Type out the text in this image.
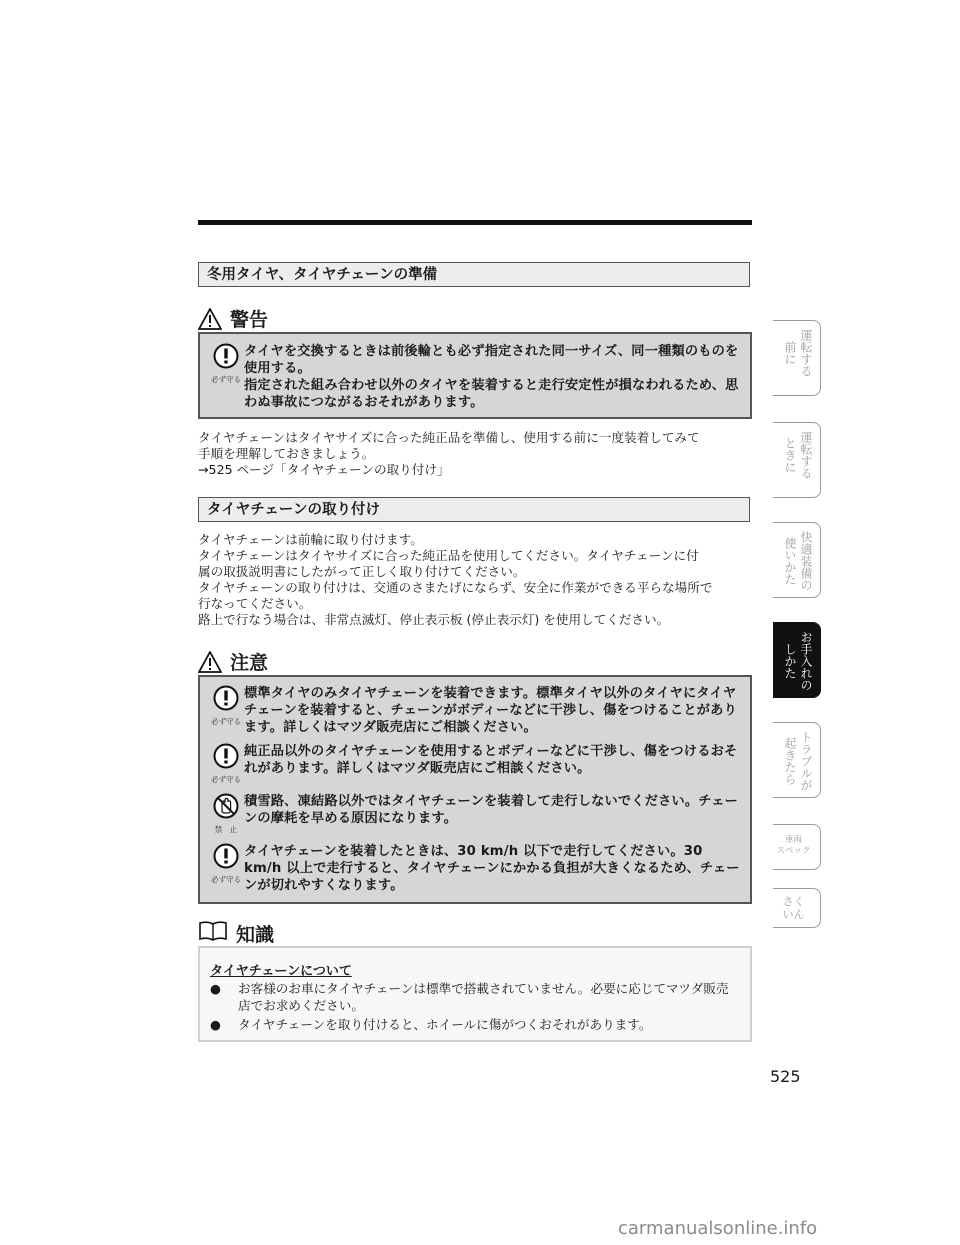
冬用タイヤ、タイヤチェーンの準備
警告
必ず守る
タイヤを交換するときは前後輪とも必ず指定された同一サイズ、同一種類のものを使用する。
指定された組み合わせ以外のタイヤを装着すると走行安定性が損なわれるため、思わぬ事故につながるおそれがあります。

タイヤチェーンはタイヤサイズに合った純正品を準備し、使用する前に一度装着してみて

手順を理解しておきましょう。

→525 ページ「タイヤチェーンの取り付け」

タイヤチェーンの取り付け

タイヤチェーンは前輪に取り付けます。

タイヤチェーンはタイヤサイズに合った純正品を使用してください。タイヤチェーンに付

属の取扱説明書にしたがって正しく取り付けてください。

タイヤチェーンの取り付けは、交通のさまたげにならず、安全に作業ができる平らな場所で

行なってください。

路上で行なう場合は、非常点滅灯、停止表示板 (停止表示灯) を使用してください。

注意
必ず守る
標準タイヤのみタイヤチェーンを装着できます。標準タイヤ以外のタイヤにタイヤチェーンを装着すると、チェーンがボディーなどに干渉し、傷をつけることがあります。詳しくはマツダ販売店にご相談ください。
必ず守る
純正品以外のタイヤチェーンを使用するとボディーなどに干渉し、傷をつけるおそれがあります。詳しくはマツダ販売店にご相談ください。
禁　止
積雪路、凍結路以外ではタイヤチェーンを装着して走行しないでください。チェーンの摩耗を早める原因になります。
必ず守る
タイヤチェーンを装着したときは、30 km/h 以下で走行してください。30 km/h 以上で走行すると、タイヤチェーンにかかる負担が大きくなるため、チェーンが切れやすくなります。
知識
タイヤチェーンについて
● お客様のお車にタイヤチェーンは標準で搭載されていません。必要に応じてマツダ販売店でお求めください。
● タイヤチェーンを取り付けると、ホイールに傷がつくおそれがあります。
運転する
前に
運転する
ときに
快適装備の
使いかた
お手入れの
しかた
トラブルが
起きたら
車両
スペック
さく
いん
525
carmanualsonline.info
